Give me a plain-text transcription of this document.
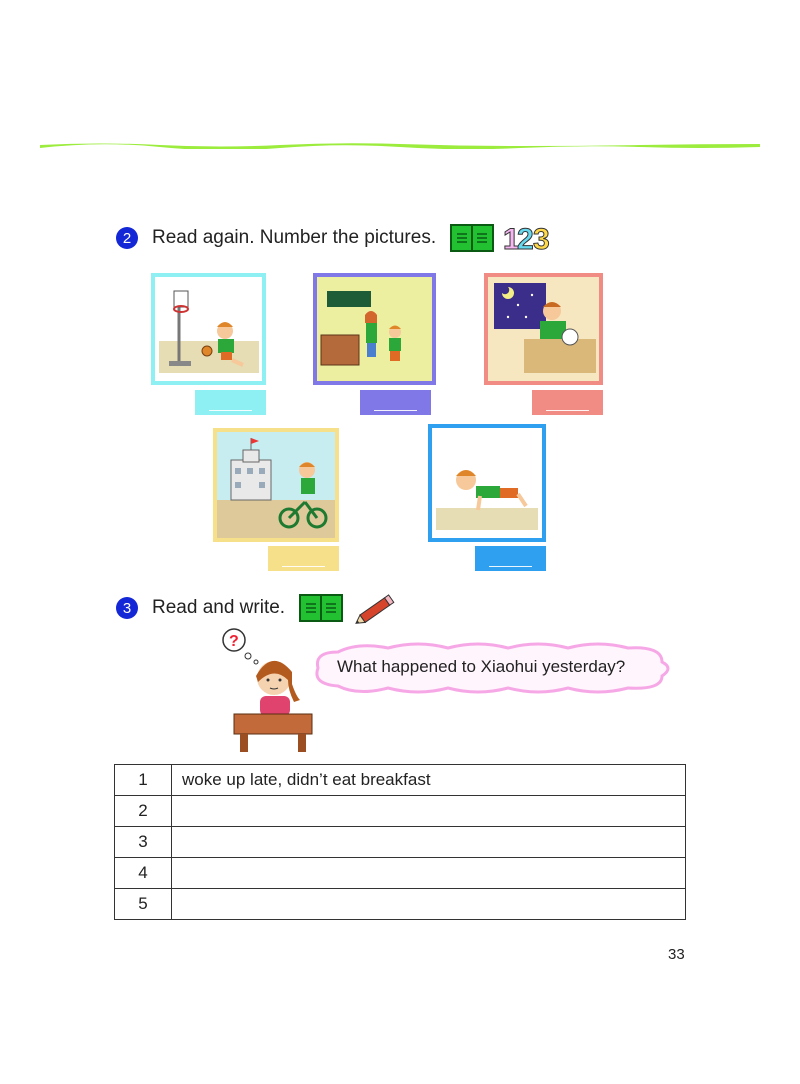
2	Read again. Number the pictures. 1
2 3
3	Read and write.
?
What happened to Xiaohui yesterday?
1	woke up late, didn’t eat breakfast
2	
3	
4	
5	
33
